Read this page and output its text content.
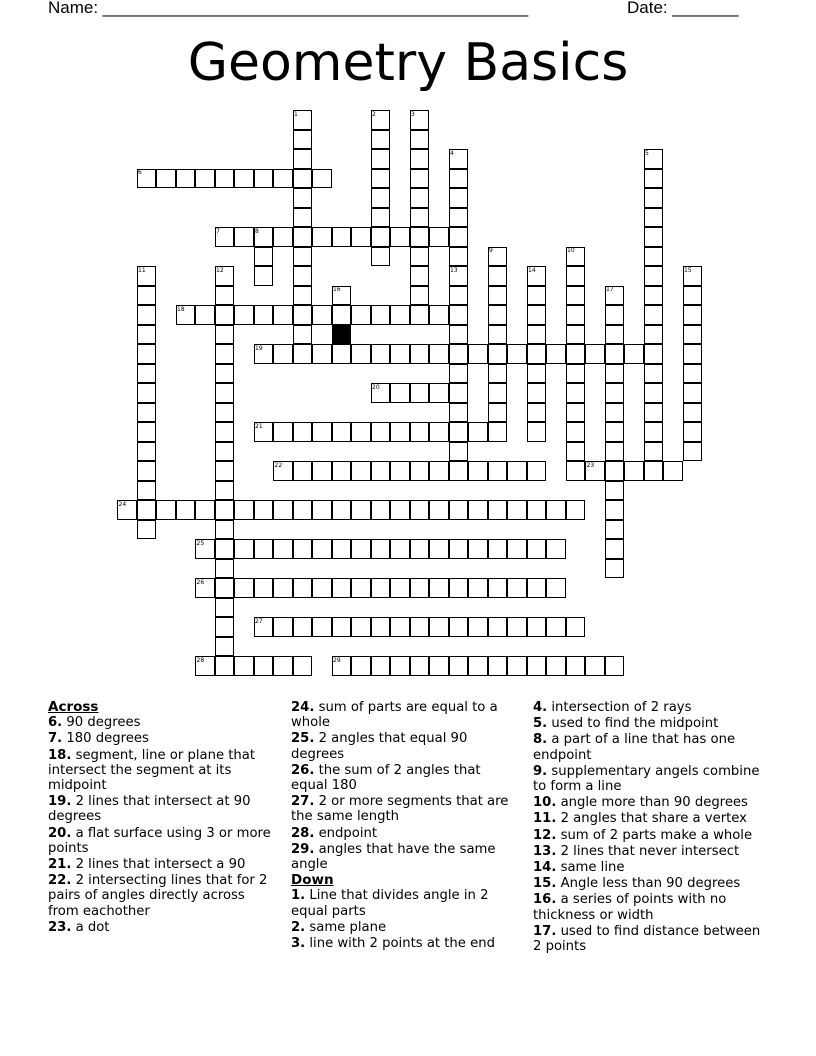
Name: _____________________________________________	Date: _______
Geometry Basics
6
7
18
19
20
21
22	23
24
25
26
27
28	29
1	2	3
4	5
8
9	10
11	12	13	14	15
16	17
Across
6. 90 degrees
7. 180 degrees
18. segment, line or plane that intersect the segment at its midpoint
19. 2 lines that intersect at 90 degrees
20. a flat surface using 3 or more points
21. 2 lines that intersect a 90
22. 2 intersecting lines that for 2 pairs of angles directly across from eachother
23. a dot
24. sum of parts are equal to a whole
25. 2 angles that equal 90 degrees
26. the sum of 2 angles that equal 180
27. 2 or more segments that are the same length
28. endpoint
29. angles that have the same angle
Down
1. Line that divides angle in 2 equal parts
2. same plane
3. line with 2 points at the end
4. intersection of 2 rays
5. used to find the midpoint
8. a part of a line that has one endpoint
9. supplementary angels combine to form a line
10. angle more than 90 degrees
11. 2 angles that share a vertex
12. sum of 2 parts make a whole
13. 2 lines that never intersect
14. same line
15. Angle less than 90 degrees
16. a series of points with no thickness or width
17. used to find distance between 2 points
